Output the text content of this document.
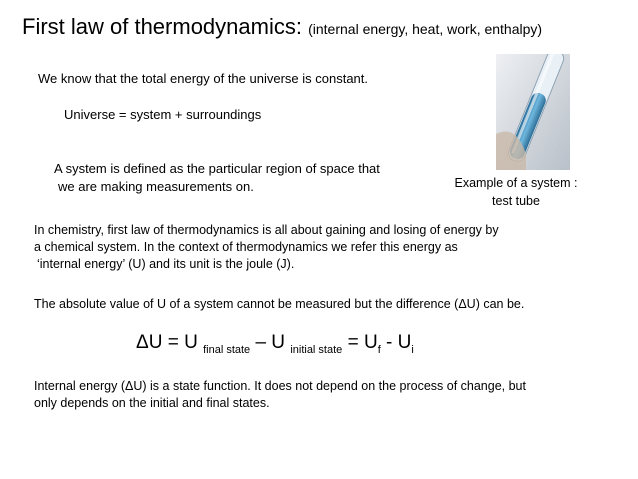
First law of thermodynamics: (internal energy, heat, work, enthalpy)
We know that the total energy of the universe is constant.
Universe = system + surroundings
A system is defined as the particular region of space that
we are making measurements on.	Example of a system :
test tube
In chemistry, first law of thermodynamics is all about gaining and losing of energy by
a chemical system. In the context of thermodynamics we refer this energy as
‘internal energy’ (U) and its unit is the joule (J).
The absolute value of U of a system cannot be measured but the difference (ΔU) can be.
ΔU = U $_{final state}$ – U $_{initial state} = U_f - U_i$
Internal energy (ΔU) is a state function. It does not depend on the process of change, but
only depends on the initial and final states.
